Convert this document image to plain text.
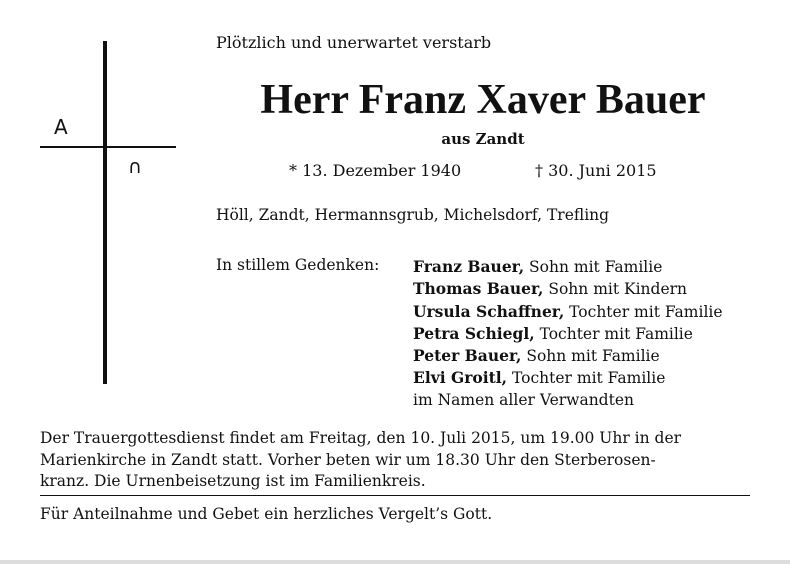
A
∩
Plötzlich und unerwartet verstarb
Herr Franz Xaver Bauer
aus Zandt
* 13. Dezember 1940	† 30. Juni 2015
Höll, Zandt, Hermannsgrub, Michelsdorf, Trefling
In stillem Gedenken: Franz Bauer, Sohn mit Familie
Thomas Bauer, Sohn mit Kindern
Ursula Schaffner, Tochter mit Familie
Petra Schiegl, Tochter mit Familie
Peter Bauer, Sohn mit Familie
Elvi Groitl, Tochter mit Familie
im Namen aller Verwandten

Der Trauergottesdienst findet am Freitag, den 10. Juli 2015, um 19.00 Uhr in der

Marienkirche in Zandt statt. Vorher beten wir um 18.30 Uhr den Sterberosen-

kranz. Die Urnenbeisetzung ist im Familienkreis.

Für Anteilnahme und Gebet ein herzliches Vergelt’s Gott.
